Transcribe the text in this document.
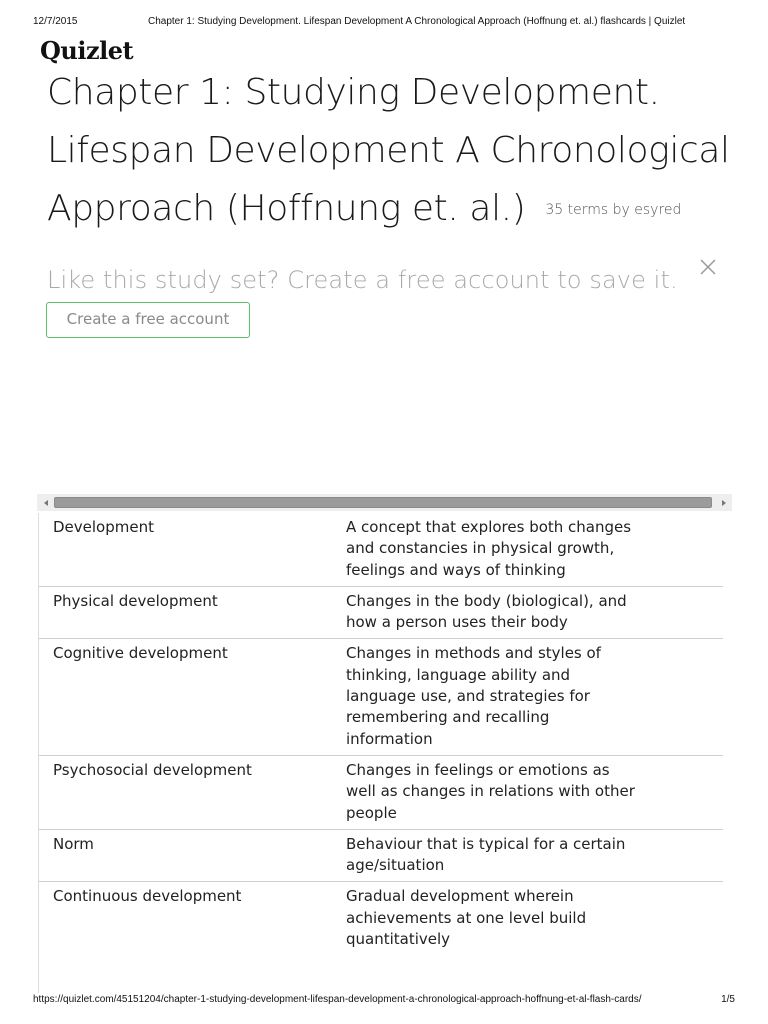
12/7/2015	Chapter 1: Studying Development. Lifespan Development A Chronological Approach (Hoffnung et. al.) flashcards | Quizlet
Quizlet
Chapter 1: Studying Development.
Lifespan Development A Chronological
Approach (Hoffnung et. al.) 35 terms by esyred
Like this study set? Create a free account to save it.
Create a free account
Development	A concept that explores both changes and constancies in physical growth, feelings and ways of thinking
Physical development	Changes in the body (biological), and how a person uses their body
Cognitive development	Changes in methods and styles of thinking, language ability and language use, and strategies for remembering and recalling information
Psychosocial development	Changes in feelings or emotions as well as changes in relations with other people
Norm	Behaviour that is typical for a certain age/situation
Continuous development	Gradual development wherein achievements at one level build quantitatively
https://quizlet.com/45151204/chapter-1-studying-development-lifespan-development-a-chronological-approach-hoffnung-et-al-flash-cards/	1/5
